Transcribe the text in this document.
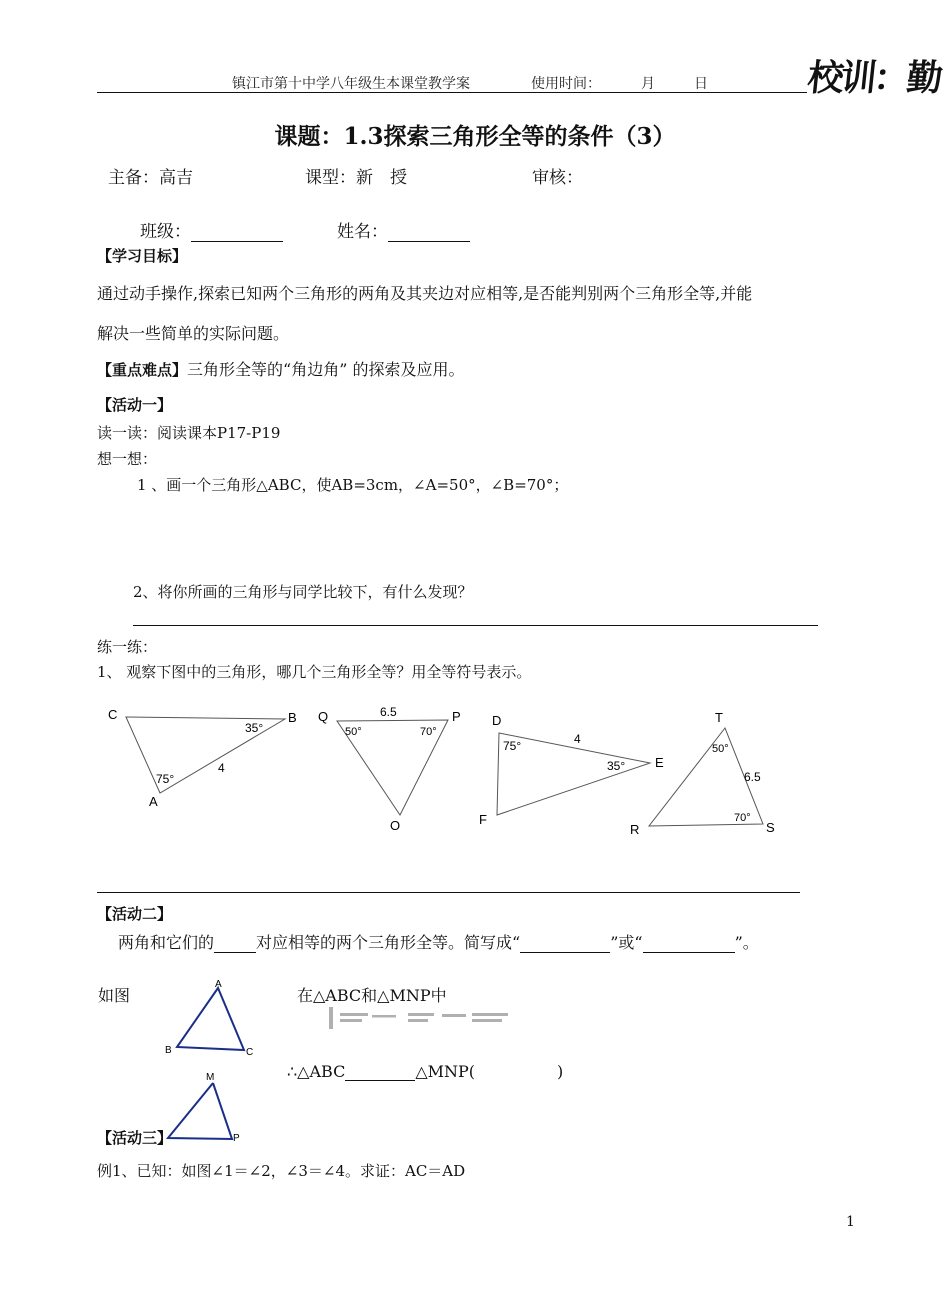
镇江市第十中学八年级生本课堂教学案	使用时间：	月	日	校训：勤
课题：1.3探索三角形全等的条件（3）
主备：高吉	课型：新　授	审核：
班级：	姓名：
【学习目标】
通过动手操作,探索已知两个三角形的两角及其夹边对应相等,是否能判别两个三角形全等,并能
解决一些简单的实际问题。
【重点难点】三角形全等的“角边角” 的探索及应用。
【活动一】
读一读：阅读课本P17-P19
想一想：
1 、画一个三角形△ABC，使AB=3cm，∠A=50°，∠B=70°；
2、将你所画的三角形与同学比较下，有什么发现？
练一练：
1、 观察下图中的三角形，哪几个三角形全等？用全等符号表示。
C	B
A
35°
75°
4
Q	P
O
6.5
50°	70°
D
E
F
75°
35°
4
T
R	S
50°
70°
6.5
【活动二】
两角和它们的	对应相等的两个三角形全等。简写成“	”或“	”。
如图	在△ABC和△MNP中
A
B	C
M
P
∴△ABC	△MNP(	)
【活动三】
例1、已知：如图∠1＝∠2，∠3＝∠4。求证：AC＝AD
1
